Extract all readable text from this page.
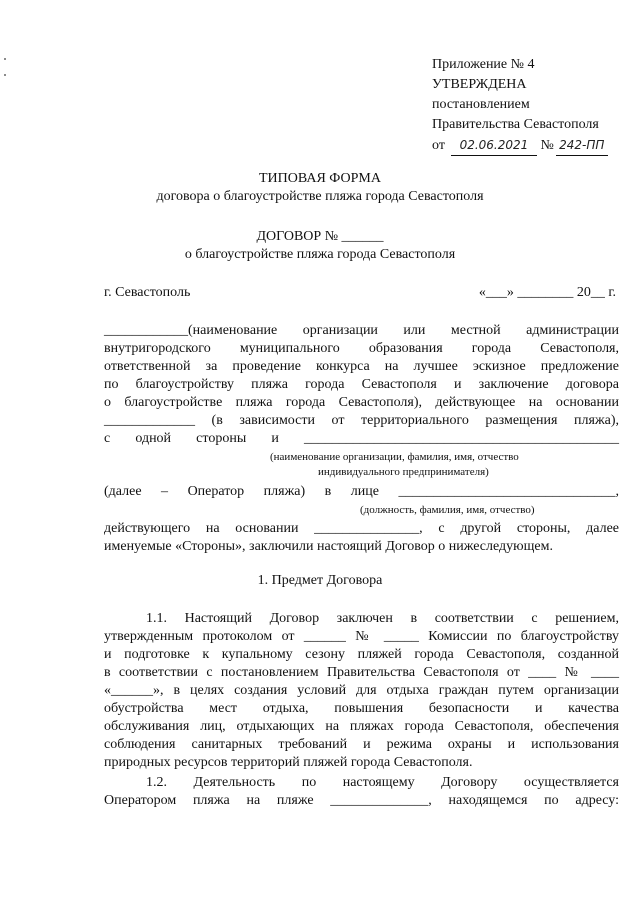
Приложение № 4
УТВЕРЖДЕНА
постановлением
Правительства Севастополя
от 02.06.2021 № 242-ПП
ТИПОВАЯ ФОРМА
договора о благоустройстве пляжа города Севастополя
ДОГОВОР № ______
о благоустройстве пляжа города Севастополя
г. Севастополь	«___» ________ 20__ г.

____________(наименование организации или местной администрации

внутригородского муниципального образования города Севастополя,

ответственной за проведение конкурса на лучшее эскизное предложение

по благоустройству пляжа города Севастополя и заключение договора

о благоустройстве пляжа города Севастополя), действующее на основании

_____________ (в зависимости от территориального размещения пляжа),

с одной стороны и _____________________________________________

(наименование организации, фамилия, имя, отчество
индивидуального предпринимателя)

(далее – Оператор пляжа) в лице _______________________________,

(должность, фамилия, имя, отчество)

действующего на основании _______________, с другой стороны, далее

именуемые «Стороны», заключили настоящий Договор о нижеследующем.

1. Предмет Договора

1.1. Настоящий Договор заключен в соответствии с решением,

утвержденным протоколом от ______ № _____ Комиссии по благоустройству

и подготовке к купальному сезону пляжей города Севастополя, созданной

в соответствии с постановлением Правительства Севастополя от ____ № ____

«______», в целях создания условий для отдыха граждан путем организации

обустройства мест отдыха, повышения безопасности и качества

обслуживания лиц, отдыхающих на пляжах города Севастополя, обеспечения

соблюдения санитарных требований и режима охраны и использования

природных ресурсов территорий пляжей города Севастополя.

1.2. Деятельность по настоящему Договору осуществляется

Оператором пляжа на пляже ______________, находящемся по адресу:
